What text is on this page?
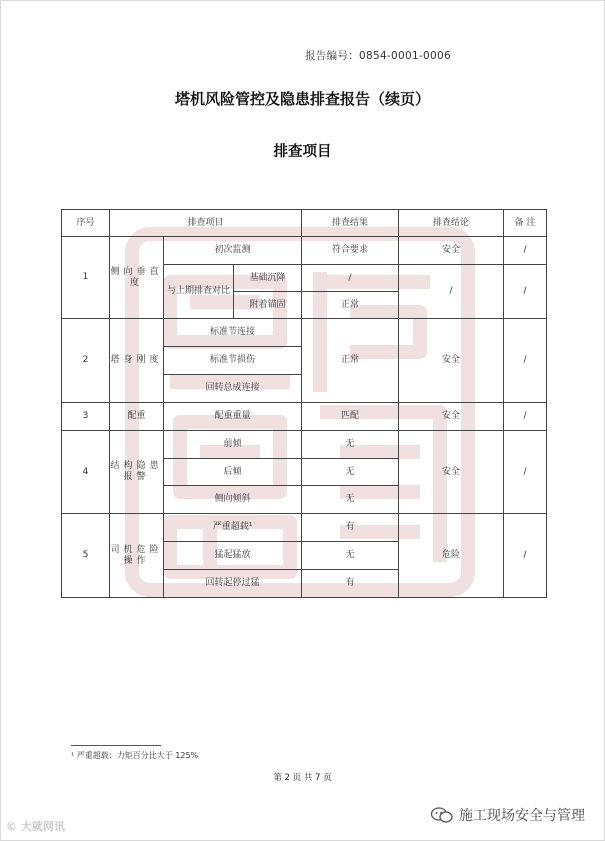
报告编号：0854-0001-0006
塔机风险管控及隐患排查报告（续页）
排查项目
序号	排查项目			排查结果	排查结论	备 注
1	侧向垂直度	初次监测		符合要求	安全	/
		与上期排查对比	基础沉降	/	/	/
			附着锚固	正常		
2	塔身刚度	标准节连接		正常	安全	/
		标准节损伤				
		回转总成连接				
3	配重	配重重量		匹配	安全	/
4	结构隐患报警	前倾		无	安全	/
		后倾		无		
		侧向倾斜		无		
5	司机危险操作	严重超载¹		有	危险	/
		猛起猛放		无		
		回转起停过猛		有		
¹ 严重超载：力矩百分比大于 125%
第 2 页 共 7 页
© 大就网讯
施工现场安全与管理
